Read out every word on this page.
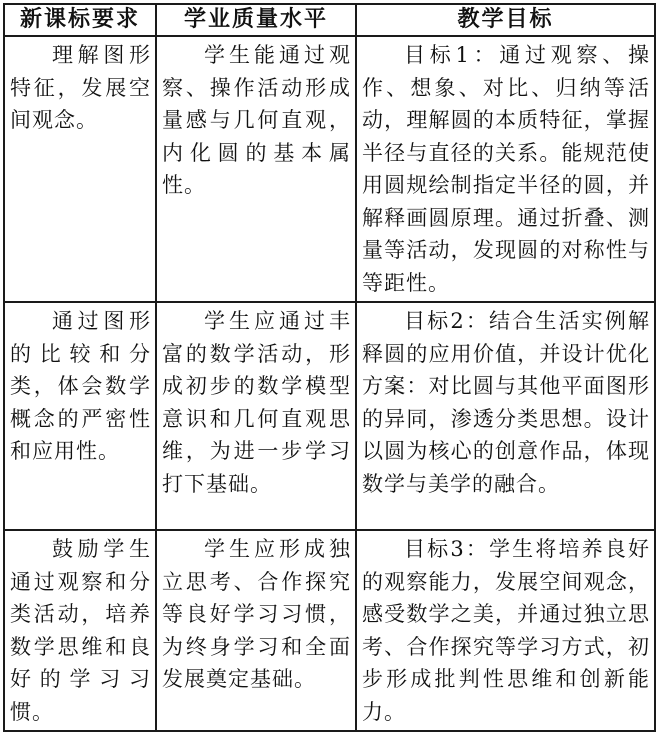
新课标要求	学业质量水平	教学目标

理解图形特征，发展空间观念。	学生能通过观察、操作活动形成量感与几何直观，内化圆的基本属性。	目标1：通过观察、操作、想象、对比、归纳等活动，理解圆的本质特征，掌握半径与直径的关系。能规范使用圆规绘制指定半径的圆，并解释画圆原理。通过折叠、测量等活动，发现圆的对称性与等距性。

通过图形的比较和分类，体会数学概念的严密性和应用性。	学生应通过丰富的数学活动，形成初步的数学模型意识和几何直观思维，为进一步学习打下基础。	目标2：结合生活实例解释圆的应用价值，并设计优化方案：对比圆与其他平面图形的异同，渗透分类思想。设计以圆为核心的创意作品，体现数学与美学的融合。

鼓励学生通过观察和分类活动，培养数学思维和良好的学习习惯。	学生应形成独立思考、合作探究等良好学习习惯，为终身学习和全面发展奠定基础。	目标3：学生将培养良好的观察能力，发展空间观念，感受数学之美，并通过独立思考、合作探究等学习方式，初步形成批判性思维和创新能力。
